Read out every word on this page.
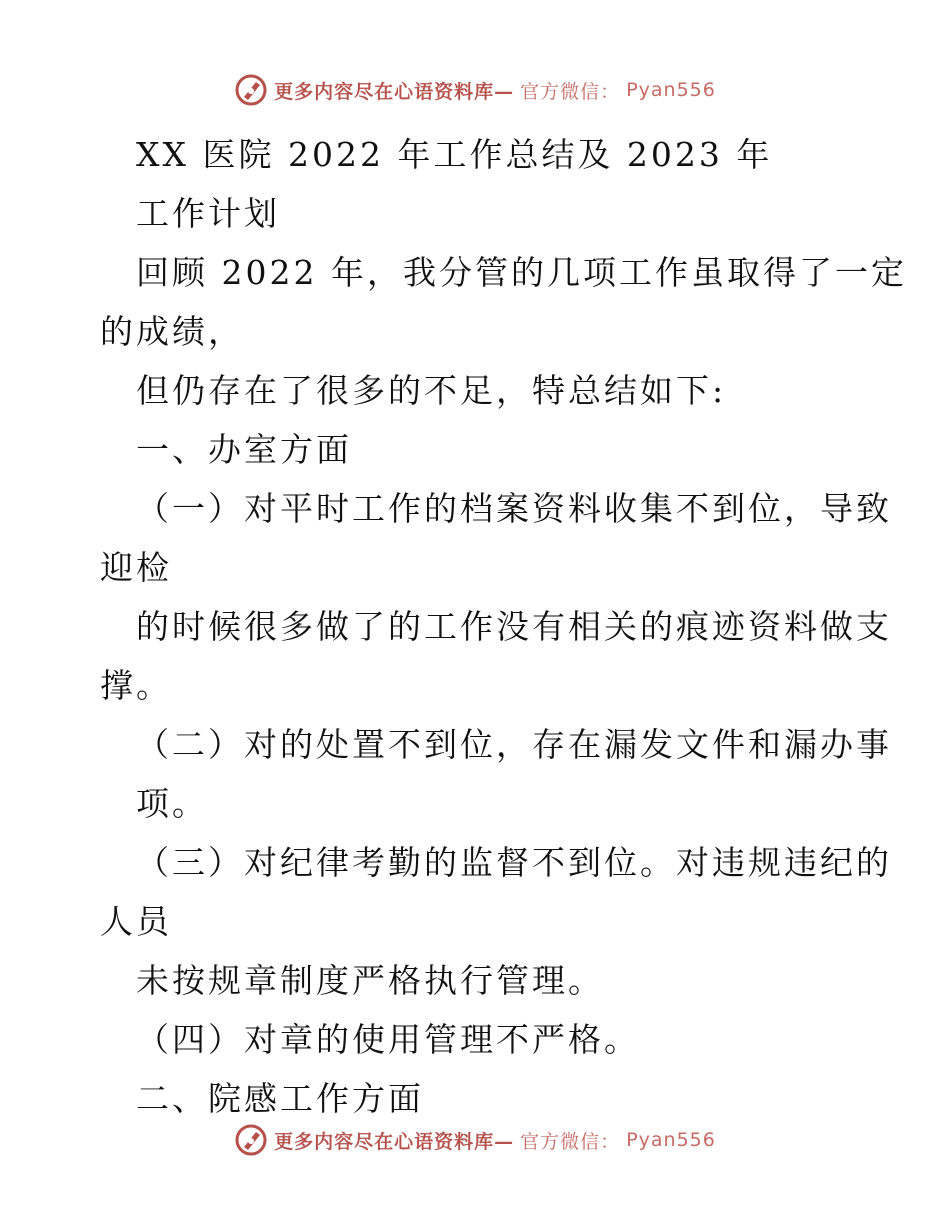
更多内容尽在心语资料库— 官方微信： Pyan556
XX 医院 2022 年工作总结及 2023 年
工作计划
回顾 2022 年，我分管的几项工作虽取得了一定
的成绩，
但仍存在了很多的不足，特总结如下:
一、办室方面
（一）对平时工作的档案资料收集不到位，导致
迎检
的时候很多做了的工作没有相关的痕迹资料做支
撑。
（二）对的处置不到位，存在漏发文件和漏办事
项。
（三）对纪律考勤的监督不到位。对违规违纪的
人员
未按规章制度严格执行管理。
（四）对章的使用管理不严格。
二、院感工作方面
更多内容尽在心语资料库— 官方微信： Pyan556
